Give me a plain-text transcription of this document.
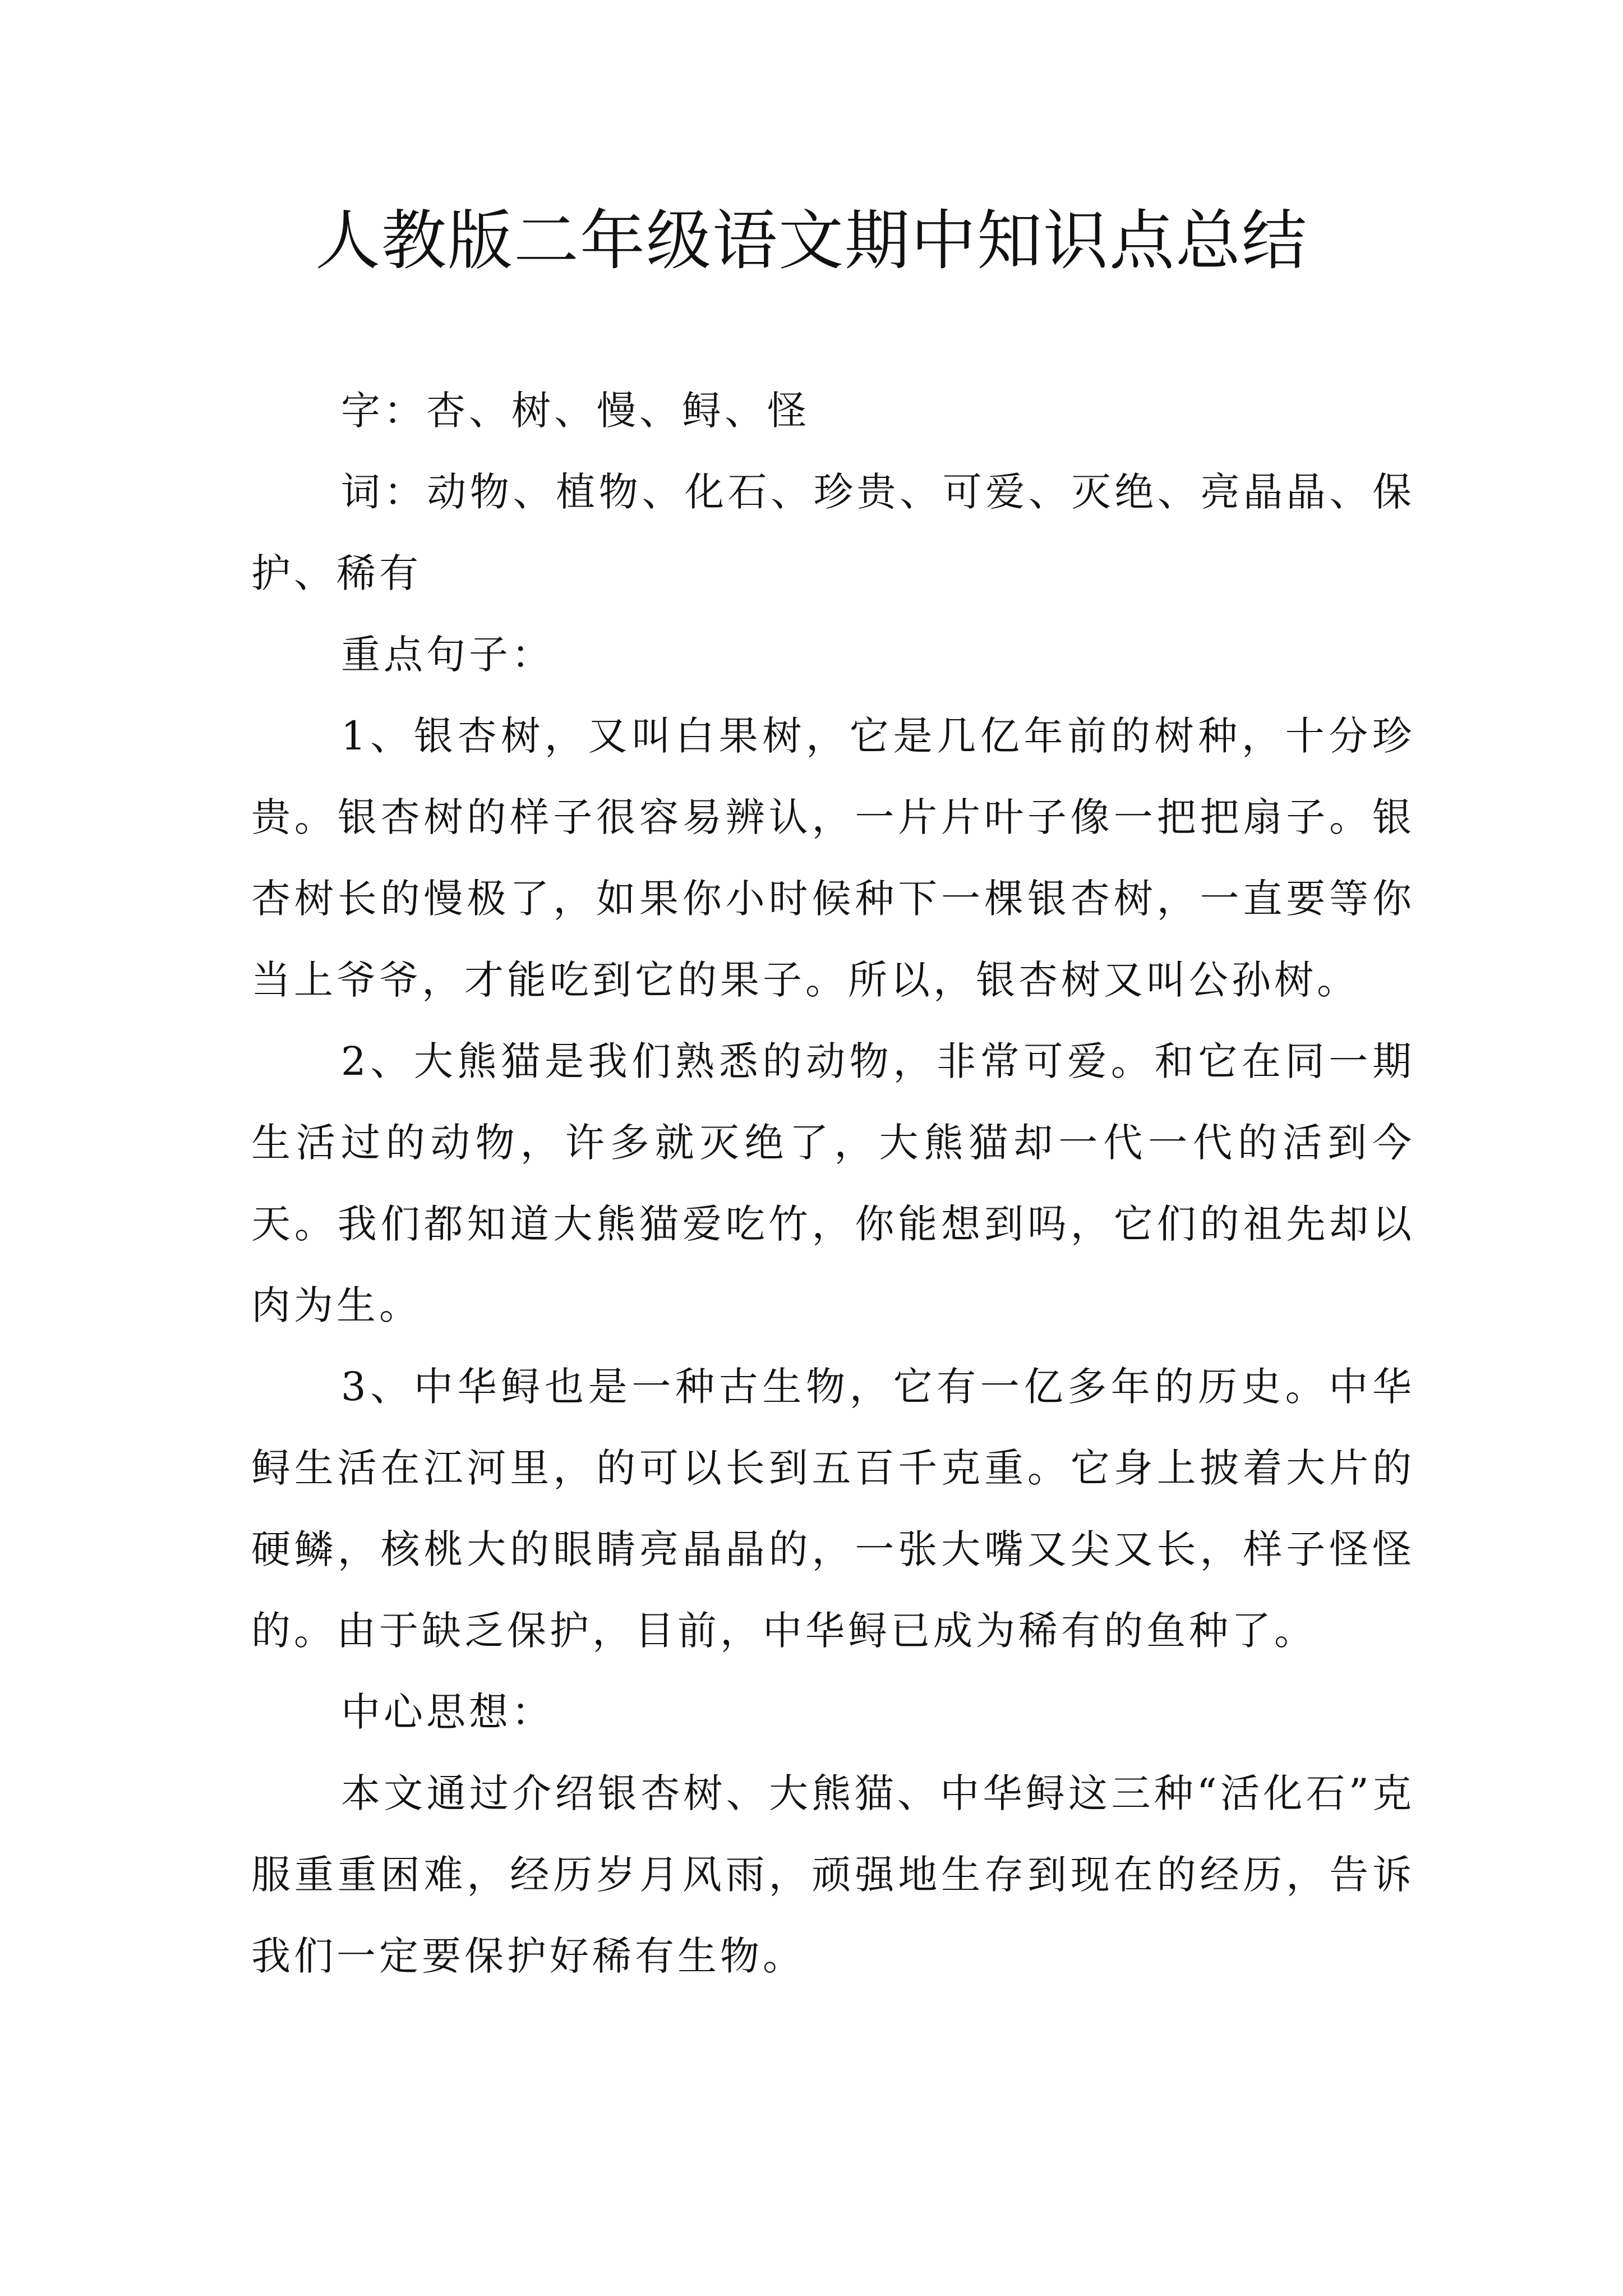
人教版二年级语文期中知识点总结

字：杏、树、慢、鲟、怪

词：动物、植物、化石、珍贵、可爱、灭绝、亮晶晶、保护、稀有

重点句子：

1、银杏树，又叫白果树，它是几亿年前的树种，十分珍贵。银杏树的样子很容易辨认，一片片叶子像一把把扇子。银杏树长的慢极了，如果你小时候种下一棵银杏树，一直要等你当上爷爷，才能吃到它的果子。所以，银杏树又叫公孙树。

2、大熊猫是我们熟悉的动物，非常可爱。和它在同一期生活过的动物，许多就灭绝了，大熊猫却一代一代的活到今天。我们都知道大熊猫爱吃竹，你能想到吗，它们的祖先却以肉为生。

3、中华鲟也是一种古生物，它有一亿多年的历史。中华鲟生活在江河里，的可以长到五百千克重。它身上披着大片的硬鳞，核桃大的眼睛亮晶晶的，一张大嘴又尖又长，样子怪怪的。由于缺乏保护，目前，中华鲟已成为稀有的鱼种了。

中心思想：

本文通过介绍银杏树、大熊猫、中华鲟这三种“活化石”克服重重困难，经历岁月风雨，顽强地生存到现在的经历，告诉我们一定要保护好稀有生物。
